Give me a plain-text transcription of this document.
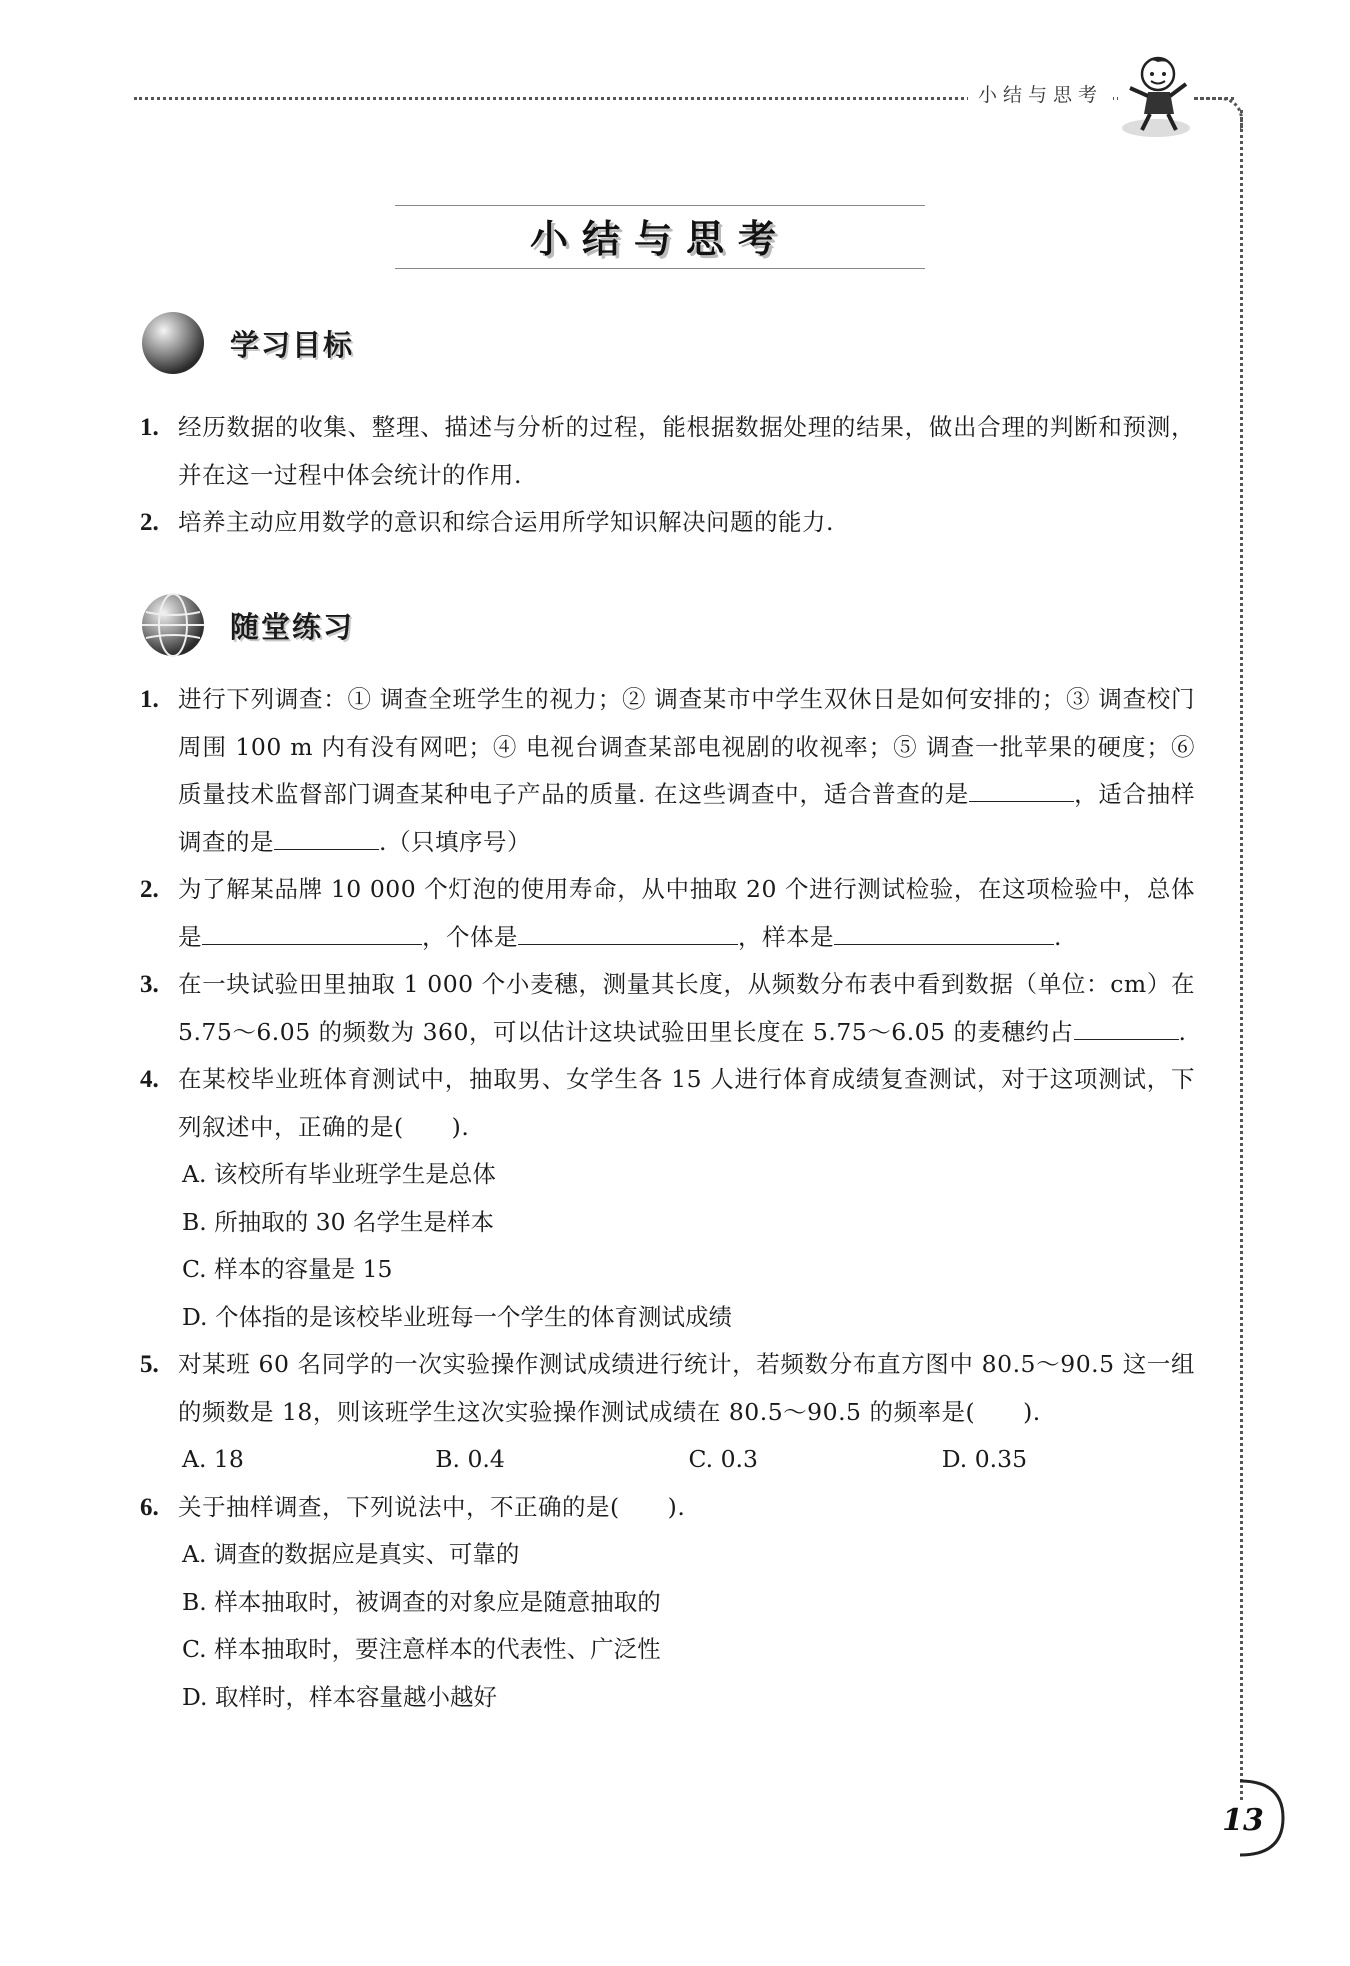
小结与思考
小结与思考
学习目标
1. 经历数据的收集、整理、描述与分析的过程，能根据数据处理的结果，做出合理的判断和预测，并在这一过程中体会统计的作用.
2. 培养主动应用数学的意识和综合运用所学知识解决问题的能力.
随堂练习
1. 进行下列调查：① 调查全班学生的视力；② 调查某市中学生双休日是如何安排的；③ 调查校门周围 100 m 内有没有网吧；④ 电视台调查某部电视剧的收视率；⑤ 调查一批苹果的硬度；⑥ 质量技术监督部门调查某种电子产品的质量. 在这些调查中，适合普查的是	，适合抽样调查的是	.（只填序号）
2. 为了解某品牌 10 000 个灯泡的使用寿命，从中抽取 20 个进行测试检验，在这项检验中，总体是	，个体是	，样本是	.
3. 在一块试验田里抽取 1 000 个小麦穗，测量其长度，从频数分布表中看到数据（单位：cm）在 5.75～6.05 的频数为 360，可以估计这块试验田里长度在 5.75～6.05 的麦穗约占	.
4. 在某校毕业班体育测试中，抽取男、女学生各 15 人进行体育成绩复查测试，对于这项测试，下列叙述中，正确的是(　　).
A. 该校所有毕业班学生是总体
B. 所抽取的 30 名学生是样本
C. 样本的容量是 15
D. 个体指的是该校毕业班每一个学生的体育测试成绩
5. 对某班 60 名同学的一次实验操作测试成绩进行统计，若频数分布直方图中 80.5～90.5 这一组的频数是 18，则该班学生这次实验操作测试成绩在 80.5～90.5 的频率是(　　).
A. 18	B. 0.4	C. 0.3	D. 0.35
6. 关于抽样调查，下列说法中，不正确的是(　　).
A. 调查的数据应是真实、可靠的
B. 样本抽取时，被调查的对象应是随意抽取的
C. 样本抽取时，要注意样本的代表性、广泛性
D. 取样时，样本容量越小越好
13
